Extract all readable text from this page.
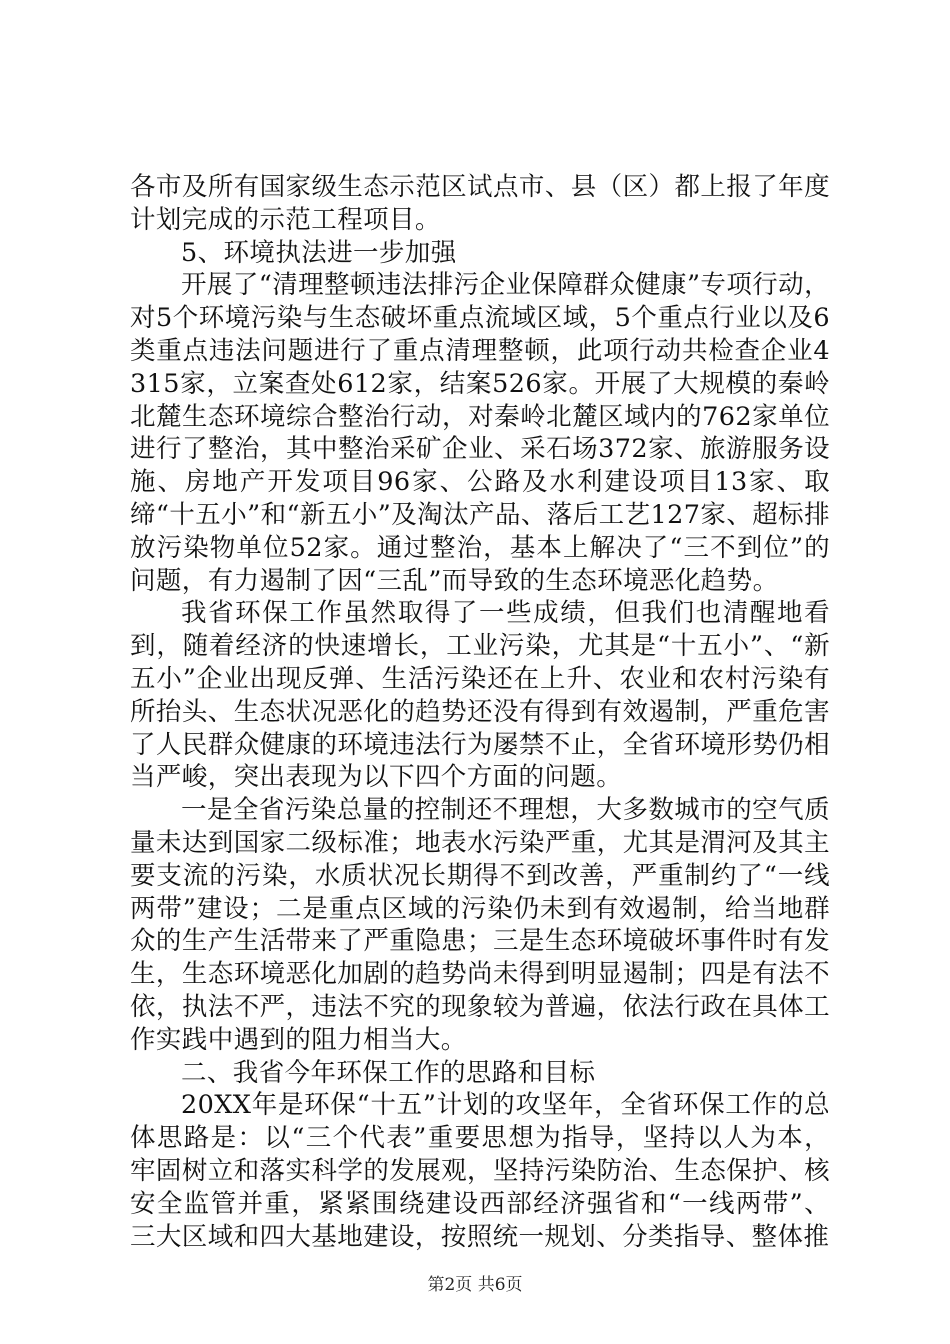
各市及所有国家级生态示范区试点市、县（区）都上报了年度计划完成的示范工程项目。

5、环境执法进一步加强

开展了“清理整顿违法排污企业保障群众健康”专项行动，对5个环境污染与生态破坏重点流域区域，5个重点行业以及6类重点违法问题进行了重点清理整顿，此项行动共检查企业4315家，立案查处612家，结案526家。开展了大规模的秦岭北麓生态环境综合整治行动，对秦岭北麓区域内的762家单位进行了整治，其中整治采矿企业、采石场372家、旅游服务设施、房地产开发项目96家、公路及水利建设项目13家、取缔“十五小”和“新五小”及淘汰产品、落后工艺127家、超标排放污染物单位52家。通过整治，基本上解决了“三不到位”的问题，有力遏制了因“三乱”而导致的生态环境恶化趋势。

我省环保工作虽然取得了一些成绩，但我们也清醒地看到，随着经济的快速增长，工业污染，尤其是“十五小”、“新五小”企业出现反弹、生活污染还在上升、农业和农村污染有所抬头、生态状况恶化的趋势还没有得到有效遏制，严重危害了人民群众健康的环境违法行为屡禁不止，全省环境形势仍相当严峻，突出表现为以下四个方面的问题。

一是全省污染总量的控制还不理想，大多数城市的空气质量未达到国家二级标准；地表水污染严重，尤其是渭河及其主要支流的污染，水质状况长期得不到改善，严重制约了“一线两带”建设；二是重点区域的污染仍未到有效遏制，给当地群众的生产生活带来了严重隐患；三是生态环境破坏事件时有发生，生态环境恶化加剧的趋势尚未得到明显遏制；四是有法不依，执法不严，违法不究的现象较为普遍，依法行政在具体工作实践中遇到的阻力相当大。

二、我省今年环保工作的思路和目标

20XX年是环保“十五”计划的攻坚年，全省环保工作的总体思路是：以“三个代表”重要思想为指导，坚持以人为本，牢固树立和落实科学的发展观，坚持污染防治、生态保护、核安全监管并重，紧紧围绕建设西部经济强省和“一线两带”、三大区域和四大基地建设，按照统一规划、分类指导、整体推

第2页 共6页
